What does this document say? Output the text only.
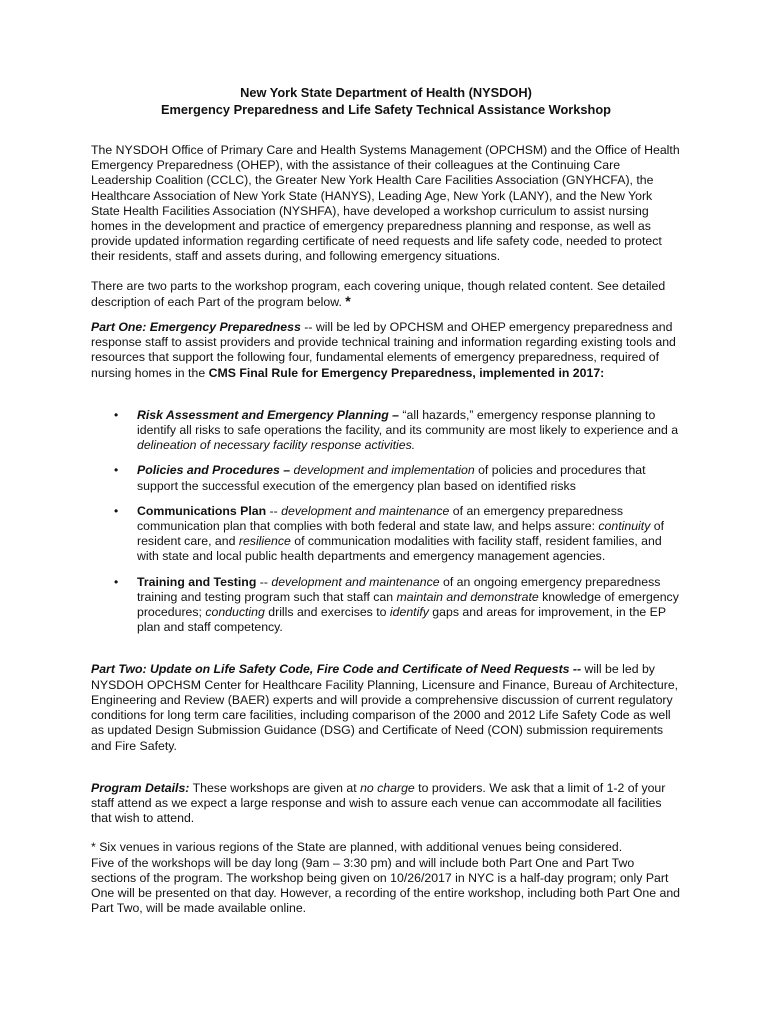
New York State Department of Health (NYSDOH)
Emergency Preparedness and Life Safety Technical Assistance Workshop

The NYSDOH Office of Primary Care and Health Systems Management (OPCHSM) and the Office of Health Emergency Preparedness (OHEP), with the assistance of their colleagues at the Continuing Care Leadership Coalition (CCLC), the Greater New York Health Care Facilities Association (GNYHCFA), the Healthcare Association of New York State (HANYS), Leading Age, New York (LANY), and the New York State Health Facilities Association (NYSHFA), have developed a workshop curriculum to assist nursing homes in the development and practice of emergency preparedness planning and response, as well as provide updated information regarding certificate of need requests and life safety code, needed to protect their residents, staff and assets during, and following emergency situations.

There are two parts to the workshop program, each covering unique, though related content. See detailed description of each Part of the program below. *

Part One: Emergency Preparedness -- will be led by OPCHSM and OHEP emergency preparedness and response staff to assist providers and provide technical training and information regarding existing tools and resources that support the following four, fundamental elements of emergency preparedness, required of nursing homes in the CMS Final Rule for Emergency Preparedness, implemented in 2017:

• Risk Assessment and Emergency Planning – “all hazards,” emergency response planning to identify all risks to safe operations the facility, and its community are most likely to experience and a delineation of necessary facility response activities.
• Policies and Procedures – development and implementation of policies and procedures that support the successful execution of the emergency plan based on identified risks
• Communications Plan -- development and maintenance of an emergency preparedness communication plan that complies with both federal and state law, and helps assure: continuity of resident care, and resilience of communication modalities with facility staff, resident families, and with state and local public health departments and emergency management agencies.
• Training and Testing -- development and maintenance of an ongoing emergency preparedness training and testing program such that staff can maintain and demonstrate knowledge of emergency procedures; conducting drills and exercises to identify gaps and areas for improvement, in the EP plan and staff competency.

Part Two: Update on Life Safety Code, Fire Code and Certificate of Need Requests -- will be led by NYSDOH OPCHSM Center for Healthcare Facility Planning, Licensure and Finance, Bureau of Architecture, Engineering and Review (BAER) experts and will provide a comprehensive discussion of current regulatory conditions for long term care facilities, including comparison of the 2000 and 2012 Life Safety Code as well as updated Design Submission Guidance (DSG) and Certificate of Need (CON) submission requirements and Fire Safety.

Program Details: These workshops are given at no charge to providers. We ask that a limit of 1-2 of your staff attend as we expect a large response and wish to assure each venue can accommodate all facilities that wish to attend.

* Six venues in various regions of the State are planned, with additional venues being considered.

Five of the workshops will be day long (9am – 3:30 pm) and will include both Part One and Part Two sections of the program. The workshop being given on 10/26/2017 in NYC is a half-day program; only Part One will be presented on that day. However, a recording of the entire workshop, including both Part One and Part Two, will be made available online.
